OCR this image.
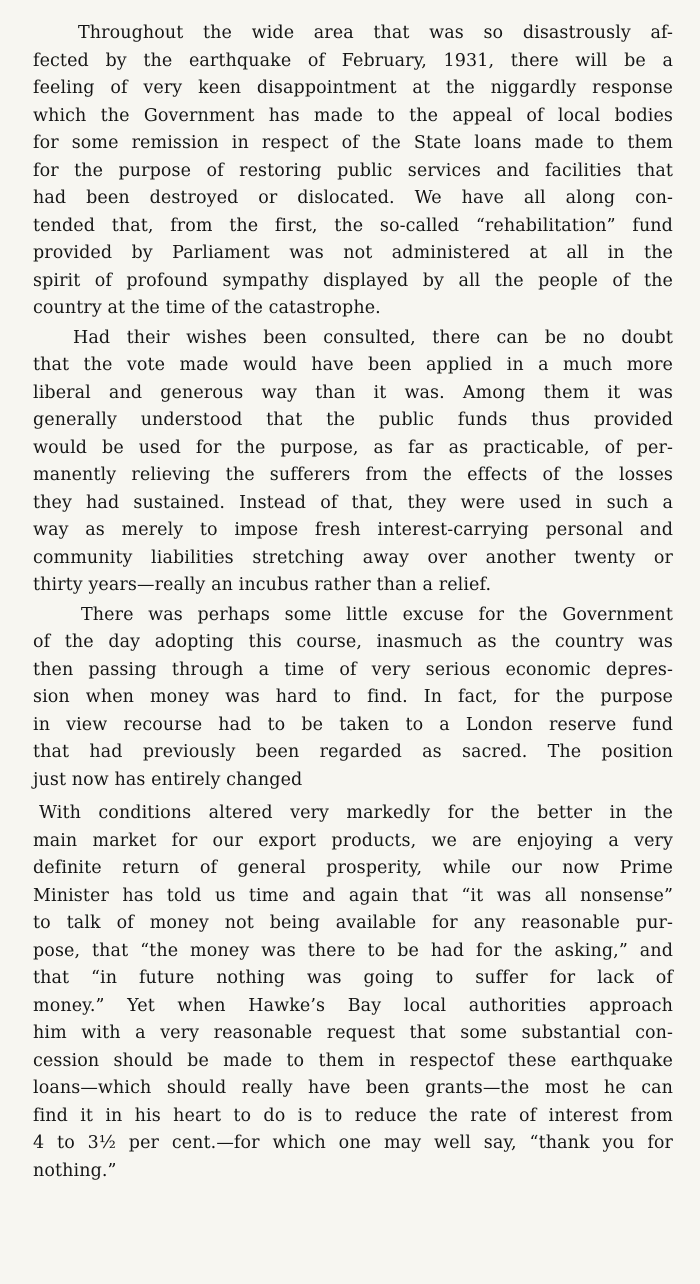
Throughout the wide area that was so disastrously af-
fected by the earthquake of February, 1931, there will be a
feeling of very keen disappointment at the niggardly response
which the Government has made to the appeal of local bodies
for some remission in respect of the State loans made to them
for the purpose of restoring public services and facilities that
had been destroyed or dislocated. We have all along con-
tended that, from the first, the so-called “rehabilitation” fund
provided by Parliament was not administered at all in the
spirit of profound sympathy displayed by all the people of the
country at the time of the catastrophe.

Had their wishes been consulted, there can be no doubt
that the vote made would have been applied in a much more
liberal and generous way than it was. Among them it was
generally understood that the public funds thus provided
would be used for the purpose, as far as practicable, of per-
manently relieving the sufferers from the effects of the losses
they had sustained. Instead of that, they were used in such a
way as merely to impose fresh interest-carrying personal and
community liabilities stretching away over another twenty or
thirty years—really an incubus rather than a relief.

There was perhaps some little excuse for the Government
of the day adopting this course, inasmuch as the country was
then passing through a time of very serious economic depres-
sion when money was hard to find. In fact, for the purpose
in view recourse had to be taken to a London reserve fund
that had previously been regarded as sacred. The position
just now has entirely changed

With conditions altered very markedly for the better in the
main market for our export products, we are enjoying a very
definite return of general prosperity, while our now Prime
Minister has told us time and again that “it was all nonsense”
to talk of money not being available for any reasonable pur-
pose, that “the money was there to be had for the asking,” and
that “in future nothing was going to suffer for lack of
money.” Yet when Hawke’s Bay local authorities approach
him with a very reasonable request that some substantial con-
cession should be made to them in respectof these earthquake
loans—which should really have been grants—the most he can
find it in his heart to do is to reduce the rate of interest from
4 to 3½ per cent.—for which one may well say, “thank you for
nothing.”
